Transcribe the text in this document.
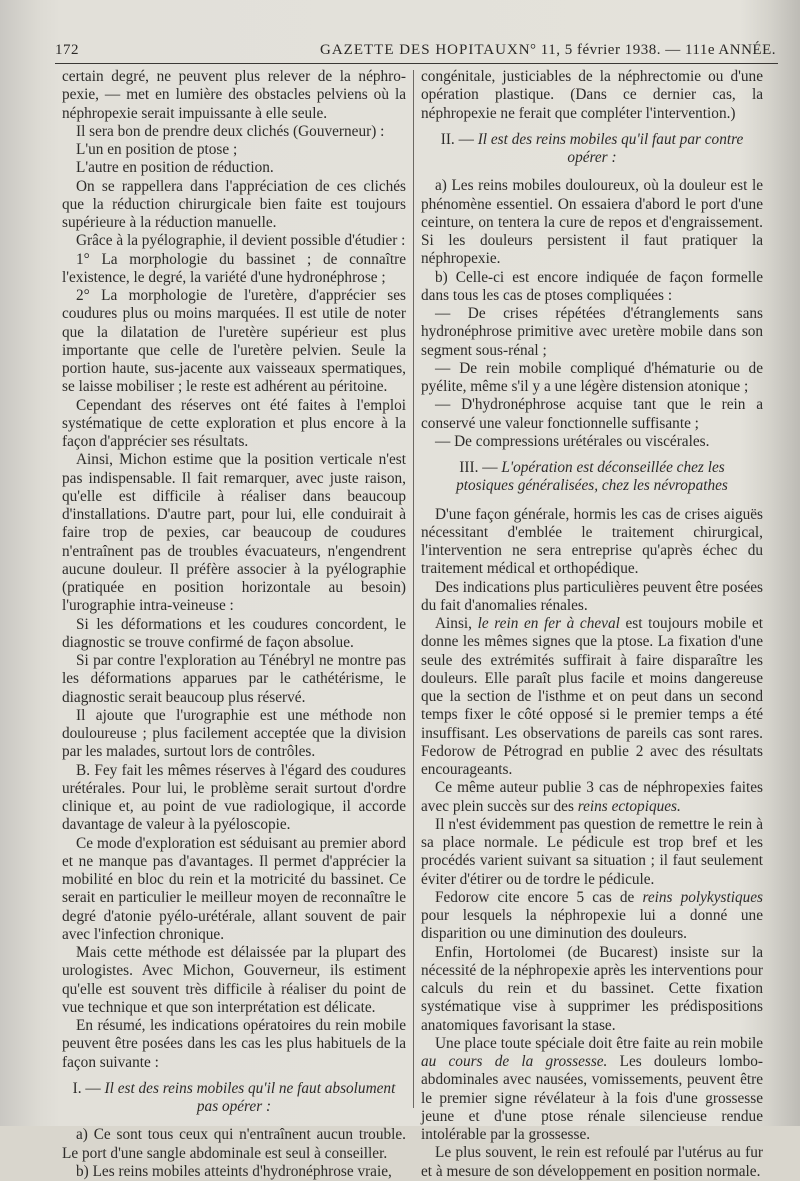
172	GAZETTE DES HOPITAUX N° 11, 5 février 1938. — 111e ANNÉE.

certain degré, ne peuvent plus relever de la néphro-pexie, — met en lumière des obstacles pelviens où la néphropexie serait impuissante à elle seule.

Il sera bon de prendre deux clichés (Gouverneur) :

L'un en position de ptose ;

L'autre en position de réduction.

On se rappellera dans l'appréciation de ces clichés que la réduction chirurgicale bien faite est toujours supérieure à la réduction manuelle.

Grâce à la pyélographie, il devient possible d'étudier :

1° La morphologie du bassinet ; de connaître l'existence, le degré, la variété d'une hydronéphrose ;

2° La morphologie de l'uretère, d'apprécier ses coudures plus ou moins marquées. Il est utile de noter que la dilatation de l'uretère supérieur est plus importante que celle de l'uretère pelvien. Seule la portion haute, sus-jacente aux vaisseaux spermatiques, se laisse mobiliser ; le reste est adhérent au péritoine.

Cependant des réserves ont été faites à l'emploi systématique de cette exploration et plus encore à la façon d'apprécier ses résultats.

Ainsi, Michon estime que la position verticale n'est pas indispensable. Il fait remarquer, avec juste raison, qu'elle est difficile à réaliser dans beaucoup d'installations. D'autre part, pour lui, elle conduirait à faire trop de pexies, car beaucoup de coudures n'entraînent pas de troubles évacuateurs, n'engendrent aucune douleur. Il préfère associer à la pyélographie (pratiquée en position horizontale au besoin) l'urographie intra-veineuse :

Si les déformations et les coudures concordent, le diagnostic se trouve confirmé de façon absolue.

Si par contre l'exploration au Ténébryl ne montre pas les déformations apparues par le cathétérisme, le diagnostic serait beaucoup plus réservé.

Il ajoute que l'urographie est une méthode non douloureuse ; plus facilement acceptée que la division par les malades, surtout lors de contrôles.

B. Fey fait les mêmes réserves à l'égard des coudures urétérales. Pour lui, le problème serait surtout d'ordre clinique et, au point de vue radiologique, il accorde davantage de valeur à la pyéloscopie.

Ce mode d'exploration est séduisant au premier abord et ne manque pas d'avantages. Il permet d'apprécier la mobilité en bloc du rein et la motricité du bassinet. Ce serait en particulier le meilleur moyen de reconnaître le degré d'atonie pyélo-urétérale, allant souvent de pair avec l'infection chronique.

Mais cette méthode est délaissée par la plupart des urologistes. Avec Michon, Gouverneur, ils estiment qu'elle est souvent très difficile à réaliser du point de vue technique et que son interprétation est délicate.

En résumé, les indications opératoires du rein mobile peuvent être posées dans les cas les plus habituels de la façon suivante :

I. — Il est des reins mobiles qu'il ne faut absolument pas opérer :

a) Ce sont tous ceux qui n'entraînent aucun trouble. Le port d'une sangle abdominale est seul à conseiller.

b) Les reins mobiles atteints d'hydronéphrose vraie,

congénitale, justiciables de la néphrectomie ou d'une opération plastique. (Dans ce dernier cas, la néphropexie ne ferait que compléter l'intervention.)

II. — Il est des reins mobiles qu'il faut par contre opérer :

a) Les reins mobiles douloureux, où la douleur est le phénomène essentiel. On essaiera d'abord le port d'une ceinture, on tentera la cure de repos et d'engraissement. Si les douleurs persistent il faut pratiquer la néphropexie.

b) Celle-ci est encore indiquée de façon formelle dans tous les cas de ptoses compliquées :

— De crises répétées d'étranglements sans hydronéphrose primitive avec uretère mobile dans son segment sous-rénal ;

— De rein mobile compliqué d'hématurie ou de pyélite, même s'il y a une légère distension atonique ;

— D'hydronéphrose acquise tant que le rein a conservé une valeur fonctionnelle suffisante ;

— De compressions urétérales ou viscérales.

III. — L'opération est déconseillée chez les ptosiques généralisées, chez les névropathes

D'une façon générale, hormis les cas de crises aiguës nécessitant d'emblée le traitement chirurgical, l'intervention ne sera entreprise qu'après échec du traitement médical et orthopédique.

Des indications plus particulières peuvent être posées du fait d'anomalies rénales.

Ainsi, le rein en fer à cheval est toujours mobile et donne les mêmes signes que la ptose. La fixation d'une seule des extrémités suffirait à faire disparaître les douleurs. Elle paraît plus facile et moins dangereuse que la section de l'isthme et on peut dans un second temps fixer le côté opposé si le premier temps a été insuffisant. Les observations de pareils cas sont rares. Fedorow de Pétrograd en publie 2 avec des résultats encourageants.

Ce même auteur publie 3 cas de néphropexies faites avec plein succès sur des reins ectopiques.

Il n'est évidemment pas question de remettre le rein à sa place normale. Le pédicule est trop bref et les procédés varient suivant sa situation ; il faut seulement éviter d'étirer ou de tordre le pédicule.

Fedorow cite encore 5 cas de reins polykystiques pour lesquels la néphropexie lui a donné une disparition ou une diminution des douleurs.

Enfin, Hortolomei (de Bucarest) insiste sur la nécessité de la néphropexie après les interventions pour calculs du rein et du bassinet. Cette fixation systématique vise à supprimer les prédispositions anatomiques favorisant la stase.

Une place toute spéciale doit être faite au rein mobile au cours de la grossesse. Les douleurs lombo-abdominales avec nausées, vomissements, peuvent être le premier signe révélateur à la fois d'une grossesse jeune et d'une ptose rénale silencieuse rendue intolérable par la grossesse.

Le plus souvent, le rein est refoulé par l'utérus au fur et à mesure de son développement en position normale.
